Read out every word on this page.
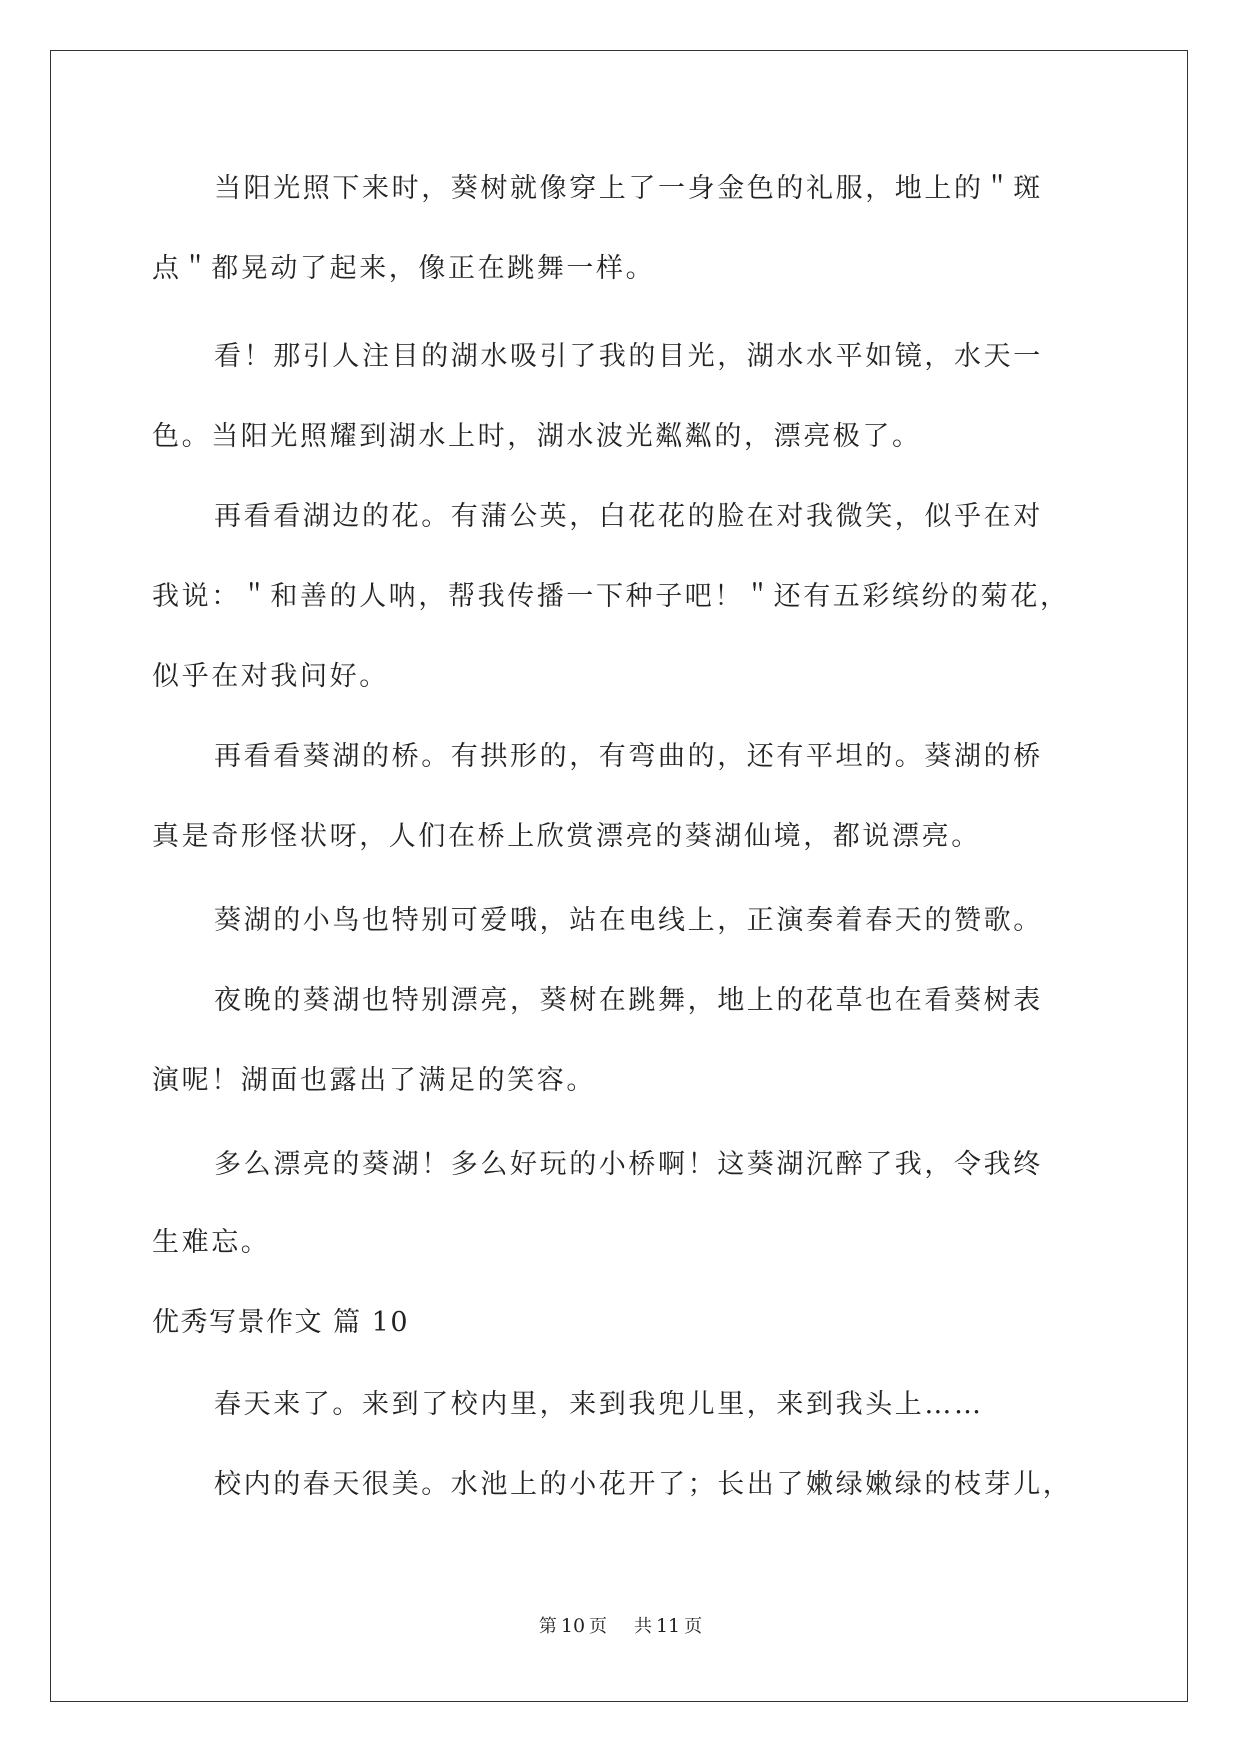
当阳光照下来时，葵树就像穿上了一身金色的礼服，地上的＂斑
点＂都晃动了起来，像正在跳舞一样。
看！那引人注目的湖水吸引了我的目光，湖水水平如镜，水天一
色。当阳光照耀到湖水上时，湖水波光粼粼的，漂亮极了。
再看看湖边的花。有蒲公英，白花花的脸在对我微笑，似乎在对
我说：＂和善的人呐，帮我传播一下种子吧！＂还有五彩缤纷的菊花，
似乎在对我问好。
再看看葵湖的桥。有拱形的，有弯曲的，还有平坦的。葵湖的桥
真是奇形怪状呀，人们在桥上欣赏漂亮的葵湖仙境，都说漂亮。
葵湖的小鸟也特别可爱哦，站在电线上，正演奏着春天的赞歌。
夜晚的葵湖也特别漂亮，葵树在跳舞，地上的花草也在看葵树表
演呢！湖面也露出了满足的笑容。
多么漂亮的葵湖！多么好玩的小桥啊！这葵湖沉醉了我，令我终
生难忘。
优秀写景作文 篇 10
春天来了。来到了校内里，来到我兜儿里，来到我头上……
校内的春天很美。水池上的小花开了；长出了嫩绿嫩绿的枝芽儿，
第 10 页 共 11 页
